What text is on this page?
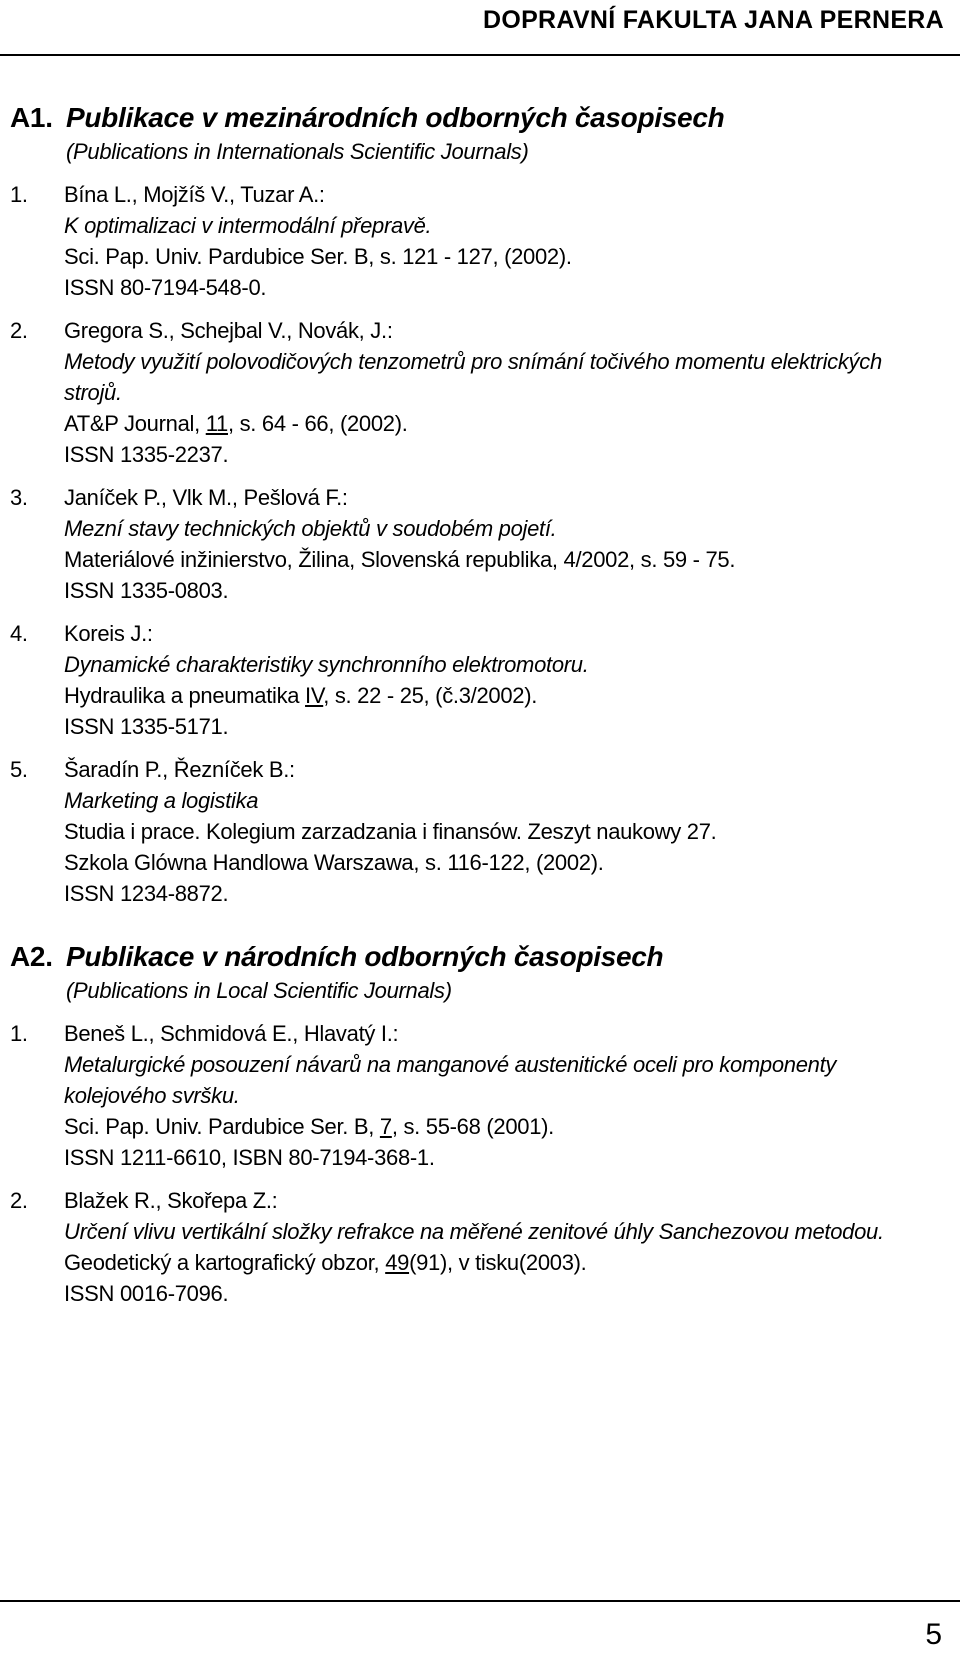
DOPRAVNÍ FAKULTA JANA PERNERA
A1. Publikace v mezinárodních odborných časopisech
(Publications in Internationals Scientific Journals)
1.	Bína L., Mojžíš V., Tuzar A.:
K optimalizaci v intermodální přepravě.
Sci. Pap. Univ. Pardubice Ser. B, s. 121 - 127, (2002).
ISSN 80-7194-548-0.
2.	Gregora S., Schejbal V., Novák, J.:
Metody využití polovodičových tenzometrů pro snímání točivého momentu elektrických strojů.
AT&P Journal, 11, s. 64 - 66, (2002).
ISSN 1335-2237.
3.	Janíček P., Vlk M., Pešlová F.:
Mezní stavy technických objektů v soudobém pojetí.
Materiálové inžinierstvo, Žilina, Slovenská republika, 4/2002, s. 59 - 75.
ISSN 1335-0803.
4.	Koreis J.:
Dynamické charakteristiky synchronního elektromotoru.
Hydraulika a pneumatika IV, s. 22 - 25, (č.3/2002).
ISSN 1335-5171.
5.	Šaradín P., Řezníček B.:
Marketing a logistika
Studia i prace. Kolegium zarzadzania i finansów. Zeszyt naukowy 27.
Szkola Glówna Handlowa Warszawa, s. 116-122, (2002).
ISSN 1234-8872.
A2. Publikace v národních odborných časopisech
(Publications in Local Scientific Journals)
1.	Beneš L., Schmidová E., Hlavatý I.:
Metalurgické posouzení návarů na manganové austenitické oceli pro komponenty kolejového svršku.
Sci. Pap. Univ. Pardubice Ser. B, 7, s. 55-68 (2001).
ISSN 1211-6610, ISBN 80-7194-368-1.
2.	Blažek R., Skořepa Z.:
Určení vlivu vertikální složky refrakce na měřené zenitové úhly Sanchezovou metodou.
Geodetický a kartografický obzor, 49(91), v tisku(2003).
ISSN 0016-7096.
5
